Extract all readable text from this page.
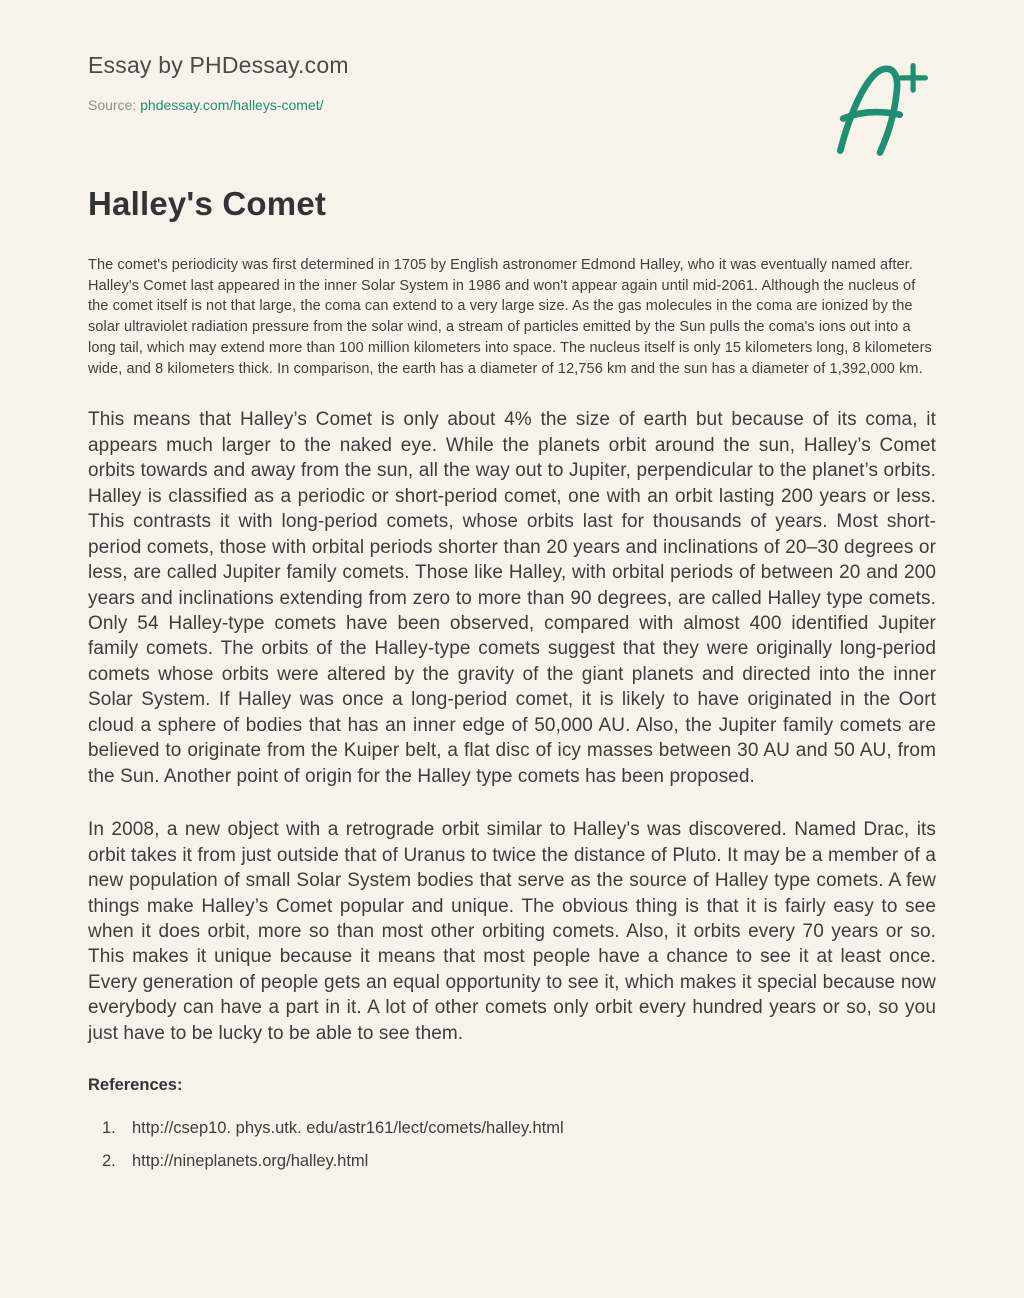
Essay by PHDessay.com
Source: phdessay.com/halleys-comet/
Halley's Comet

The comet's periodicity was first determined in 1705 by English astronomer Edmond Halley, who it was eventually named after. Halley's Comet last appeared in the inner Solar System in 1986 and won't appear again until mid-2061. Although the nucleus of the comet itself is not that large, the coma can extend to a very large size. As the gas molecules in the coma are ionized by the solar ultraviolet radiation pressure from the solar wind, a stream of particles emitted by the Sun pulls the coma's ions out into a long tail, which may extend more than 100 million kilometers into space. The nucleus itself is only 15 kilometers long, 8 kilometers wide, and 8 kilometers thick. In comparison, the earth has a diameter of 12,756 km and the sun has a diameter of 1,392,000 km.

This means that Halley’s Comet is only about 4% the size of earth but because of its coma, it appears much larger to the naked eye. While the planets orbit around the sun, Halley’s Comet orbits towards and away from the sun, all the way out to Jupiter, perpendicular to the planet’s orbits. Halley is classified as a periodic or short-period comet, one with an orbit lasting 200 years or less. This contrasts it with long-period comets, whose orbits last for thousands of years. Most short-period comets, those with orbital periods shorter than 20 years and inclinations of 20–30 degrees or less, are called Jupiter family comets. Those like Halley, with orbital periods of between 20 and 200 years and inclinations extending from zero to more than 90 degrees, are called Halley type comets. Only 54 Halley-type comets have been observed, compared with almost 400 identified Jupiter family comets. The orbits of the Halley-type comets suggest that they were originally long-period comets whose orbits were altered by the gravity of the giant planets and directed into the inner Solar System. If Halley was once a long-period comet, it is likely to have originated in the Oort cloud a sphere of bodies that has an inner edge of 50,000 AU. Also, the Jupiter family comets are believed to originate from the Kuiper belt, a flat disc of icy masses between 30 AU and 50 AU, from the Sun. Another point of origin for the Halley type comets has been proposed.

In 2008, a new object with a retrograde orbit similar to Halley's was discovered. Named Drac, its orbit takes it from just outside that of Uranus to twice the distance of Pluto. It may be a member of a new population of small Solar System bodies that serve as the source of Halley type comets. A few things make Halley’s Comet popular and unique. The obvious thing is that it is fairly easy to see when it does orbit, more so than most other orbiting comets. Also, it orbits every 70 years or so. This makes it unique because it means that most people have a chance to see it at least once. Every generation of people gets an equal opportunity to see it, which makes it special because now everybody can have a part in it. A lot of other comets only orbit every hundred years or so, so you just have to be lucky to be able to see them.

References:
1. http://csep10. phys.utk. edu/astr161/lect/comets/halley.html
2. http://nineplanets.org/halley.html
